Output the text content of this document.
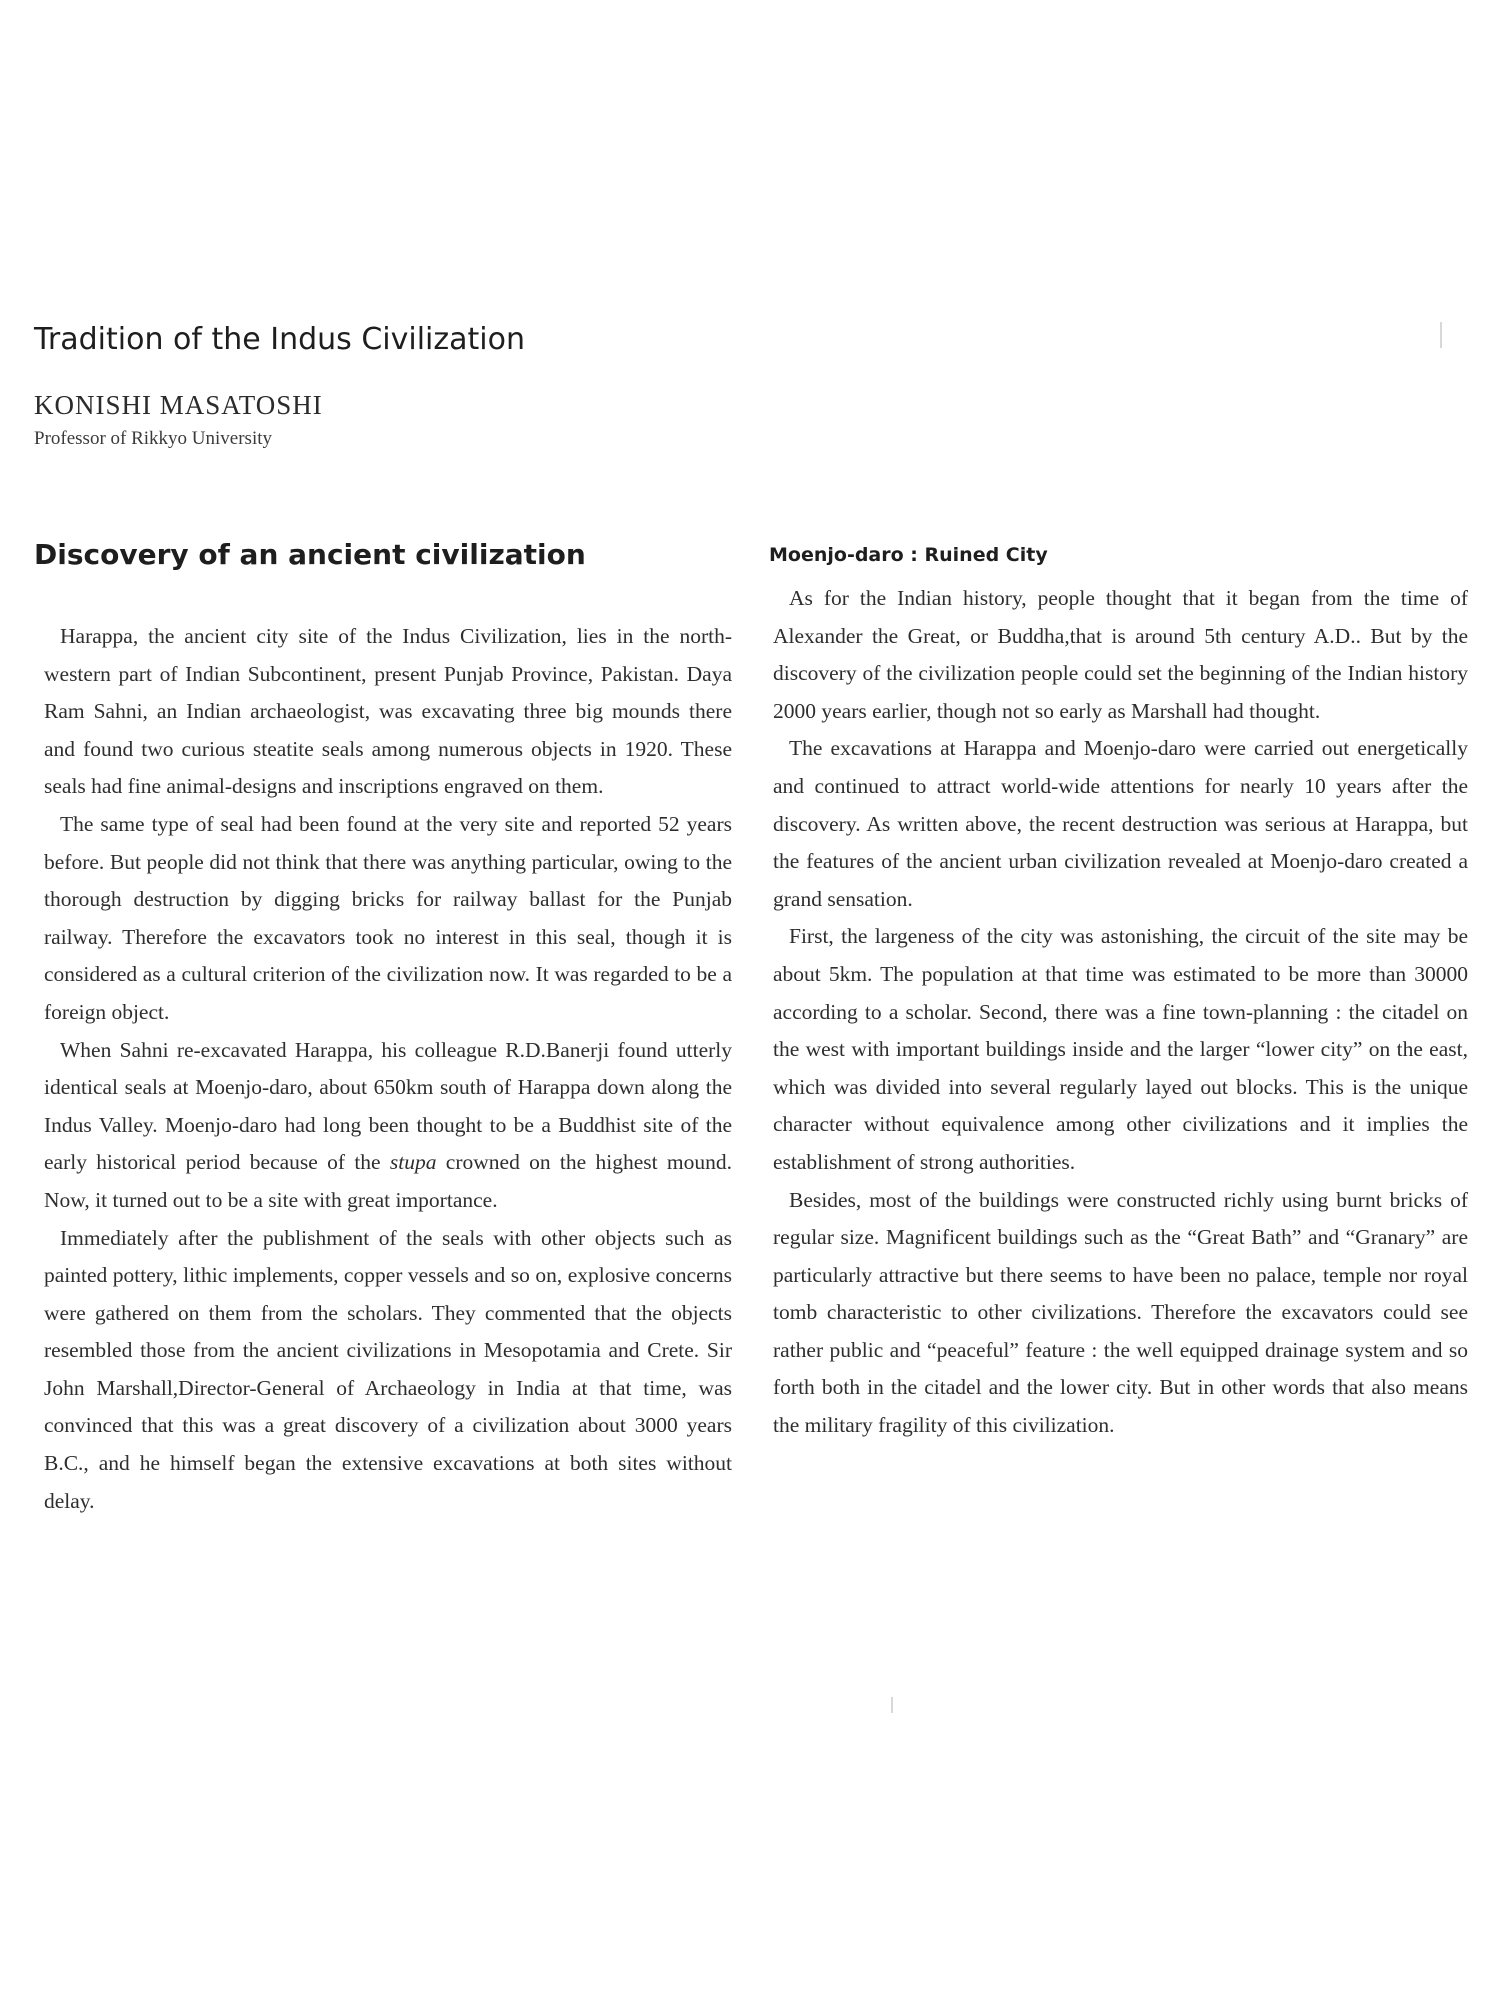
Tradition of the Indus Civilization
KONISHI MASATOSHI
Professor of Rikkyo University
Discovery of an ancient civilization

Harappa, the ancient city site of the Indus Civilization, lies in the north-western part of Indian Subcontinent, present Punjab Province, Pakistan. Daya Ram Sahni, an Indian archaeologist, was excavating three big mounds there and found two curious steatite seals among numerous objects in 1920. These seals had fine animal-designs and inscriptions engraved on them.

The same type of seal had been found at the very site and reported 52 years before. But people did not think that there was anything particular, owing to the thorough destruction by digging bricks for railway ballast for the Punjab railway. Therefore the excavators took no interest in this seal, though it is considered as a cultural criterion of the civilization now. It was regarded to be a foreign object.

When Sahni re-excavated Harappa, his colleague R.D.Banerji found utterly identical seals at Moenjo-daro, about 650km south of Harappa down along the Indus Valley. Moenjo-daro had long been thought to be a Buddhist site of the early historical period because of the stupa crowned on the highest mound. Now, it turned out to be a site with great importance.

Immediately after the publishment of the seals with other objects such as painted pottery, lithic implements, copper vessels and so on, explosive concerns were gathered on them from the scholars. They commented that the objects resembled those from the ancient civilizations in Mesopotamia and Crete. Sir John Marshall,Director-General of Archaeology in India at that time, was convinced that this was a great discovery of a civilization about 3000 years B.C., and he himself began the extensive excavations at both sites without delay.

Moenjo-daro : Ruined City

As for the Indian history, people thought that it began from the time of Alexander the Great, or Buddha,that is around 5th century A.D.. But by the discovery of the civilization people could set the beginning of the Indian history 2000 years earlier, though not so early as Marshall had thought.

The excavations at Harappa and Moenjo-daro were carried out energetically and continued to attract world-wide attentions for nearly 10 years after the discovery. As written above, the recent destruction was serious at Harappa, but the features of the ancient urban civilization revealed at Moenjo-daro created a grand sensation.

First, the largeness of the city was astonishing, the circuit of the site may be about 5km. The population at that time was estimated to be more than 30000 according to a scholar. Second, there was a fine town-planning : the citadel on the west with important buildings inside and the larger “lower city” on the east, which was divided into several regularly layed out blocks. This is the unique character without equivalence among other civilizations and it implies the establishment of strong authorities.

Besides, most of the buildings were constructed richly using burnt bricks of regular size. Magnificent buildings such as the “Great Bath” and “Granary” are particularly attractive but there seems to have been no palace, temple nor royal tomb characteristic to other civilizations. Therefore the excavators could see rather public and “peaceful” feature : the well equipped drainage system and so forth both in the citadel and the lower city. But in other words that also means the military fragility of this civilization.
